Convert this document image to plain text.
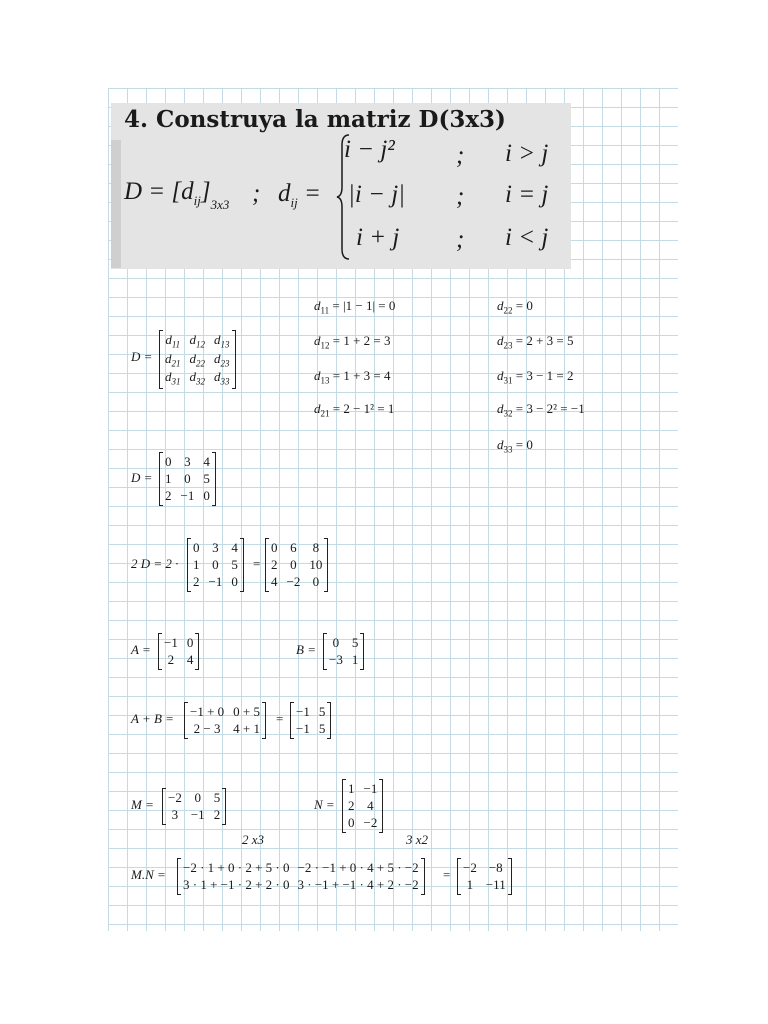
4. Construya la matriz D(3x3)
$D = [d_{ij}]_{3x3}$ ; $d_{ij}$ =
i − j² ; i > j
|i − j| ; i = j
i + j ; i < j
$d_{11} = |1 - 1| = 0$
$d_{12} = 1 + 2 = 3$
$d_{13} = 1 + 3 = 4$
$d_{21} = 2 - 1^2 = 1$
$d_{22} = 0$
$d_{23} = 2 + 3 = 5$
$d_{31} = 3 - 1 = 2$
$d_{32} = 3 - 2^2 = -1$
$d_{33} = 0$
D =
$d_{11}$ $d_{12}$ $d_{13}$
$d_{21}$ $d_{22}$ $d_{23}$
$d_{31}$ $d_{32}$ $d_{33}$
D =
0 3 4
1 0 5
2 −1 0
2 D = 2 ·
0 3 4
1 0 5
2 −1 0
=
0 6 8
2 0 10
4 −2 0
A = −1 0
2 4
B = 0 5
−3 1
A + B = −1 + 0 0 + 5
2 − 3 4 + 1
= −1 5
−1 5
M = −2 0 5
3 −1 2
2 x3
N =
1 −1
2 4
0 −2
3 x2
M.N = −2 · 1 + 0 · 2 + 5 · 0 −2 · −1 + 0 · 4 + 5 · −2
3 · 1 + −1 · 2 + 2 · 0 3 · −1 + −1 · 4 + 2 · −2
= −2 −8
1 −11
